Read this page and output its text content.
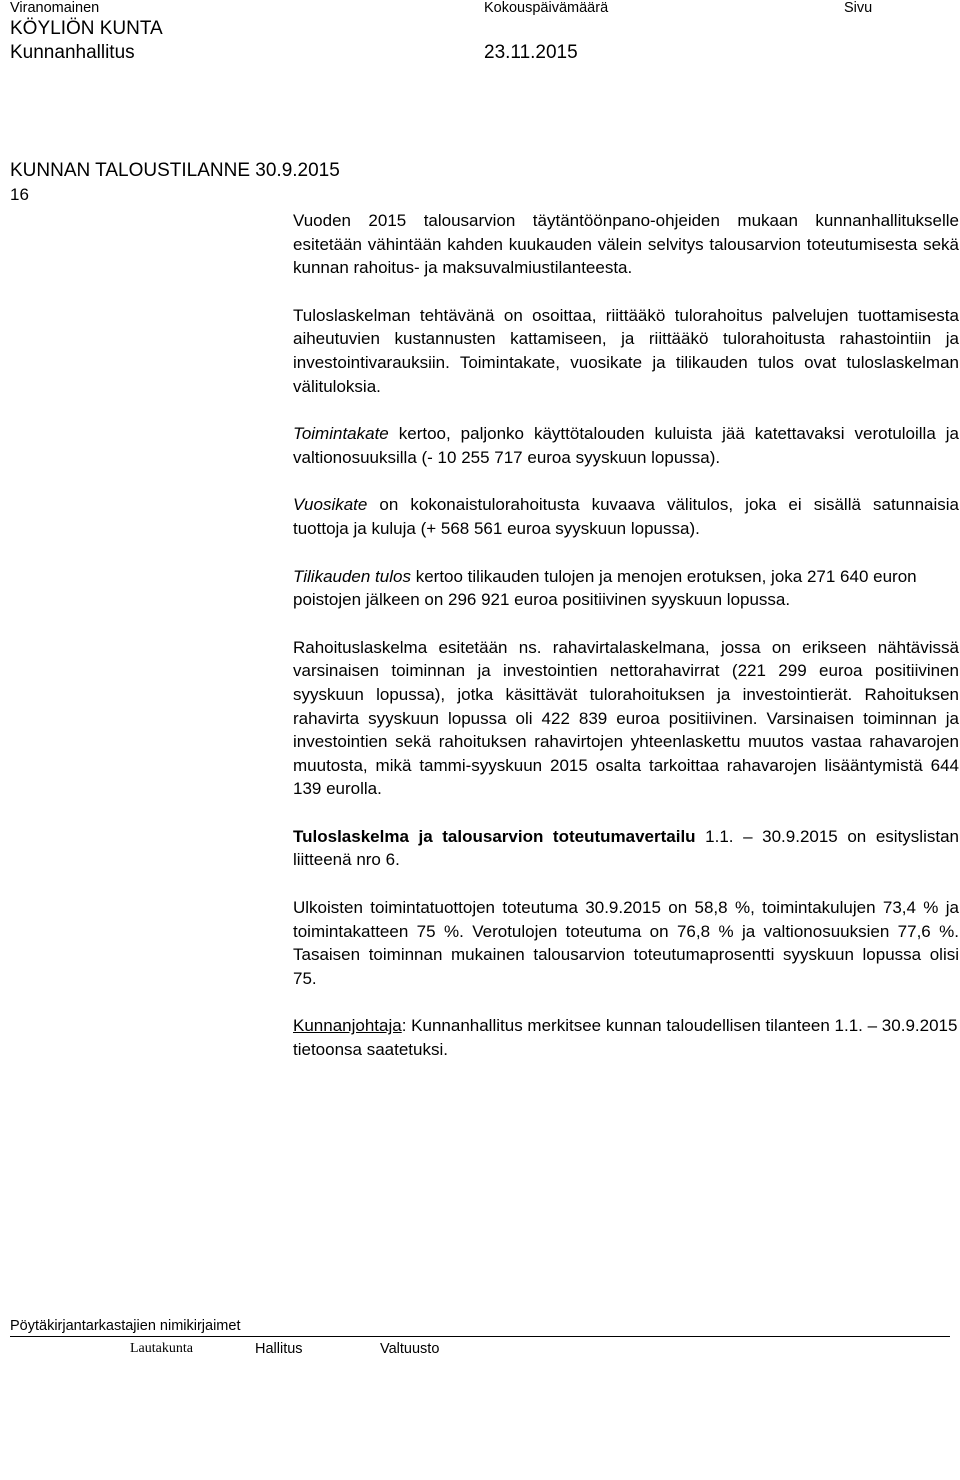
Viranomainen	Kokouspäivämäärä	Sivu
KÖYLIÖN KUNTA
Kunnanhallitus	23.11.2015
KUNNAN TALOUSTILANNE 30.9.2015
16

Vuoden 2015 talousarvion täytäntöönpano-ohjeiden mukaan kunnanhallitukselle esitetään vähintään kahden kuukauden välein selvitys talousarvion toteutumisesta sekä kunnan rahoitus- ja maksuvalmiustilanteesta.

Tuloslaskelman tehtävänä on osoittaa, riittääkö tulorahoitus palvelujen tuottamisesta aiheutuvien kustannusten kattamiseen, ja riittääkö tulorahoitusta rahastointiin ja investointivarauksiin. Toimintakate, vuosikate ja tilikauden tulos ovat tuloslaskelman välituloksia.

Toimintakate kertoo, paljonko käyttötalouden kuluista jää katettavaksi verotuloilla ja valtionosuuksilla (- 10 255 717 euroa syyskuun lopussa).

Vuosikate on kokonaistulorahoitusta kuvaava välitulos, joka ei sisällä satunnaisia tuottoja ja kuluja (+ 568 561 euroa syyskuun lopussa).

Tilikauden tulos kertoo tilikauden tulojen ja menojen erotuksen, joka 271 640 euron poistojen jälkeen on 296 921 euroa positiivinen syyskuun lopussa.

Rahoituslaskelma esitetään ns. rahavirtalaskelmana, jossa on erikseen nähtävissä varsinaisen toiminnan ja investointien nettorahavirrat (221 299 euroa positiivinen syyskuun lopussa), jotka käsittävät tulorahoituksen ja investointierät. Rahoituksen rahavirta syyskuun lopussa oli 422 839 euroa positiivinen. Varsinaisen toiminnan ja investointien sekä rahoituksen rahavirtojen yhteenlaskettu muutos vastaa rahavarojen muutosta, mikä tammi-syyskuun 2015 osalta tarkoittaa rahavarojen lisääntymistä 644 139 eurolla.

Tuloslaskelma ja talousarvion toteutumavertailu 1.1. – 30.9.2015 on esityslistan liitteenä nro 6.

Ulkoisten toimintatuottojen toteutuma 30.9.2015 on 58,8 %, toimintakulujen 73,4 % ja toimintakatteen 75 %. Verotulojen toteutuma on 76,8 % ja valtionosuuksien 77,6 %. Tasaisen toiminnan mukainen talousarvion toteutumaprosentti syyskuun lopussa olisi 75.

Kunnanjohtaja: Kunnanhallitus merkitsee kunnan taloudellisen tilanteen 1.1. – 30.9.2015 tietoonsa saatetuksi.

Pöytäkirjantarkastajien nimikirjaimet
Lautakunta	Hallitus	Valtuusto
